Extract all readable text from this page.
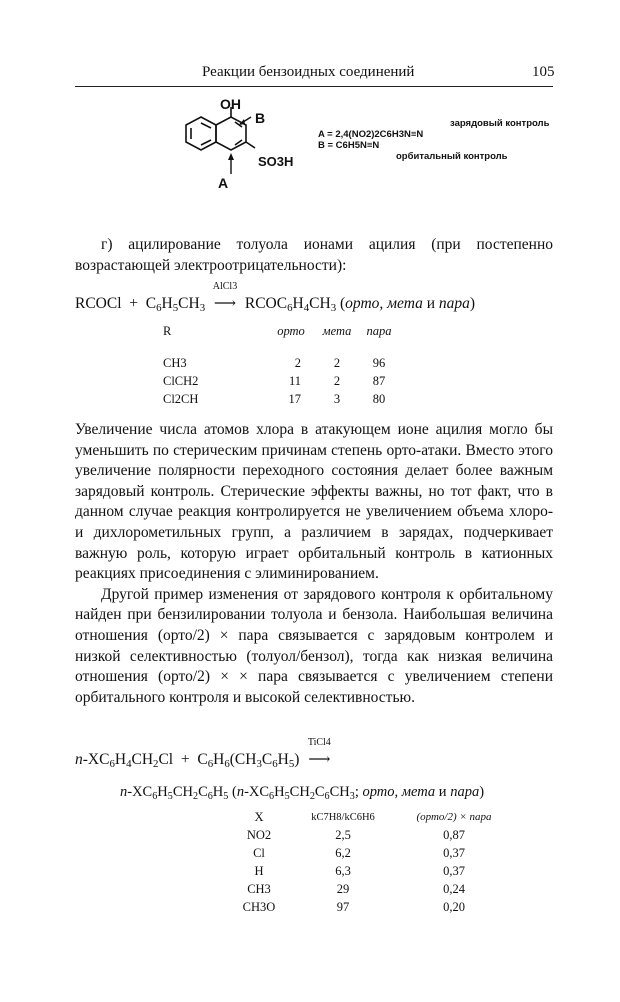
Реакции бензоидных соединений	105
OH
B
A
SO3H
зарядовый контроль
A = 2,4(NO2)2C6H3N≡N
B = C6H5N≡N
орбитальный контроль

г) ацилирование толуола ионами ацилия (при постепенно возрастающей электроотрицательности):

RCOCl  +  $C_6H_5CH_3$
AlCl3
⟶ $RCOC_6H_4CH_3$ (орто, мета и пара)
R	орто	мета	пара

CH3	2	2	96
ClCH2	11	2	87
Cl2CH	17	3	80

Увеличение числа атомов хлора в атакующем ионе ацилия могло бы уменьшить по стерическим причинам степень орто-атаки. Вместо этого увеличение полярности переходного состояния делает более важным зарядовый контроль. Стерические эффекты важны, но тот факт, что в данном случае реакция контролируется не увеличением объема хлоро- и дихлорометильных групп, а различием в зарядах, подчеркивает важную роль, которую играет орбитальный контроль в катионных реакциях присоединения с элиминированием.

Другой пример изменения от зарядового контроля к орбитальному найден при бензилировании толуола и бензола. Наибольшая величина отношения (орто/2) × пара связывается с зарядовым контролем и низкой селективностью (толуол/бензол), тогда как низкая величина отношения (орто/2) × × пара связывается с увеличением степени орбитального контроля и высокой селективностью.

$n-XC_6H_4CH_2Cl + C_6H_6(CH_3C_6H_5)$
TiCl4
⟶
$n-XC_6H_5CH_2C_6H_5$ ($n-XC_6H_5CH_2C_6CH_3$; орто, мета и пара)
X	kC7H8/kC6H6	(орто/2) × пара
NO2	2,5	0,87
Cl	6,2	0,37
H	6,3	0,37
CH3	29	0,24
CH3O	97	0,20
